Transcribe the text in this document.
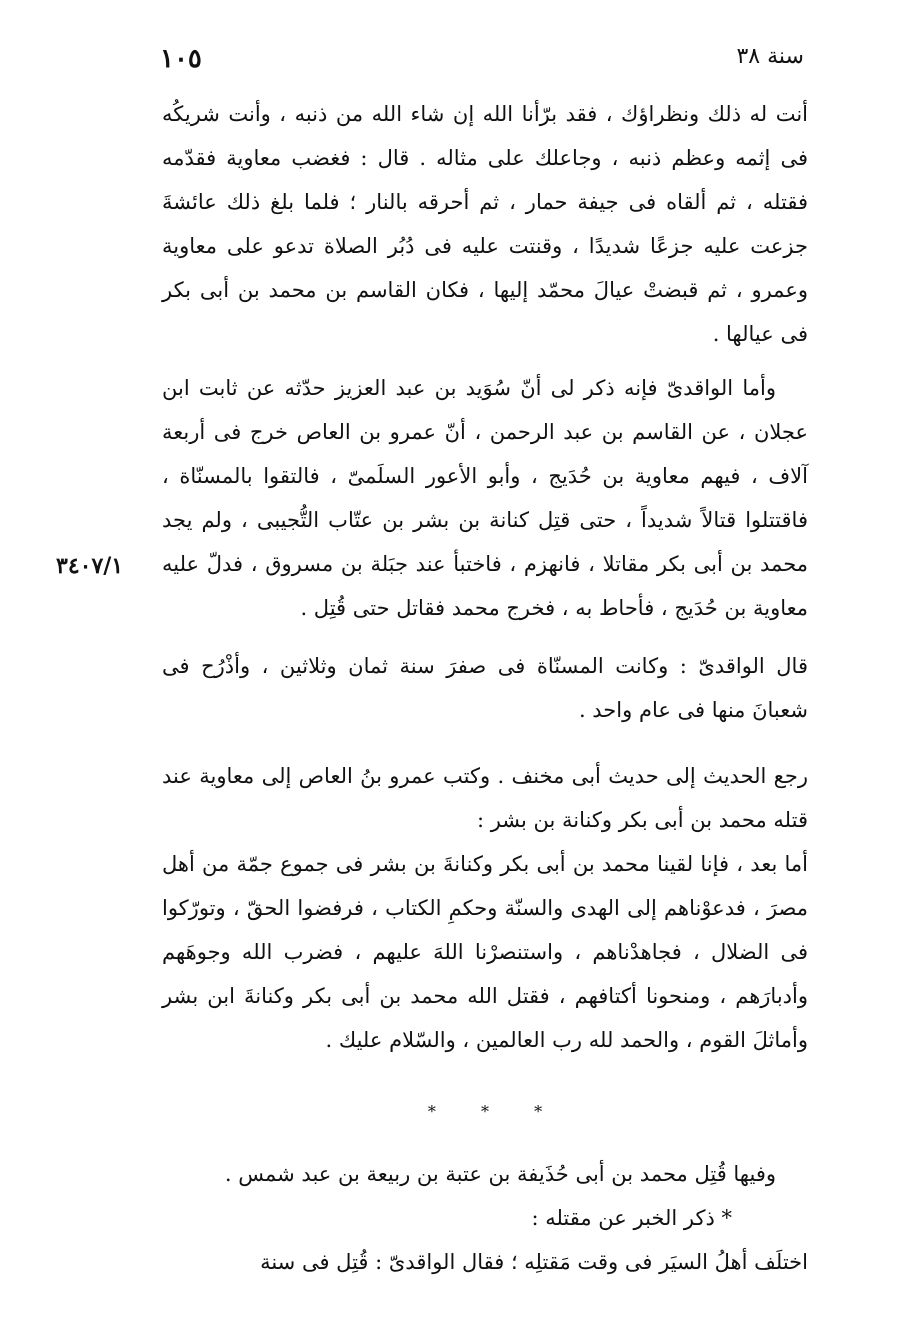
سنة ٣٨
١٠٥
٣٤٠٧/١

أنت له ذلك ونظراؤك ، فقد برّأنا الله إن شاء الله من ذنبه ، وأنت شريكُه فى إثمه وعظم ذنبه ، وجاعلك على مثاله . قال : فغضب معاوية فقدّمه فقتله ، ثم ألقاه فى جيفة حمار ، ثم أحرقه بالنار ؛ فلما بلغ ذلك عائشةَ جزعت عليه جزعًا شديدًا ، وقنتت عليه فى دُبُر الصلاة تدعو على معاوية وعمرو ، ثم قبضتْ عيالَ محمّد إليها ، فكان القاسم بن محمد بن أبى بكر فى عيالها .

وأما الواقدىّ فإنه ذكر لى أنّ سُوَيد بن عبد العزيز حدّثه عن ثابت ابن عجلان ، عن القاسم بن عبد الرحمن ، أنّ عمرو بن العاص خرج فى أربعة آلاف ، فيهم معاوية بن حُدَيج ، وأبو الأعور السلَمىّ ، فالتقوا بالمسنّاة ، فاقتتلوا قتالاً شديداً ، حتى قتِل كنانة بن بشر بن عتّاب التُّجيبى ، ولم يجد محمد بن أبى بكر مقاتلا ، فانهزم ، فاختبأ عند جبَلة بن مسروق ، فدلّ عليه معاوية بن حُدَيج ، فأحاط به ، فخرج محمد فقاتل حتى قُتِل .

قال الواقدىّ : وكانت المسنّاة فى صفرَ سنة ثمان وثلاثين ، وأذْرُح فى شعبانَ منها فى عام واحد .

رجع الحديث إلى حديث أبى مخنف . وكتب عمرو بنُ العاص إلى معاوية عند قتله محمد بن أبى بكر وكنانة بن بشر :

أما بعد ، فإنا لقينا محمد بن أبى بكر وكنانةَ بن بشر فى جموع جمّة من أهل مصرَ ، فدعوْناهم إلى الهدى والسنّة وحكمِ الكتاب ، فرفضوا الحقّ ، وتورّكوا فى الضلال ، فجاهدْناهم ، واستنصرْنا اللهَ عليهم ، فضرب الله وجوهَهم وأدبارَهم ، ومنحونا أكتافهم ، فقتل الله محمد بن أبى بكر وكنانةَ ابن بشر وأماثلَ القوم ، والحمد لله رب العالمين ، والسّلام عليك .

* * *

وفيها قُتِل محمد بن أبى حُذَيفة بن عتبة بن ربيعة بن عبد شمس .

* ذكر الخبر عن مقتله :

اختلَف أهلُ السيَر فى وقت مَقتلِه ؛ فقال الواقدىّ : قُتِل فى سنة
